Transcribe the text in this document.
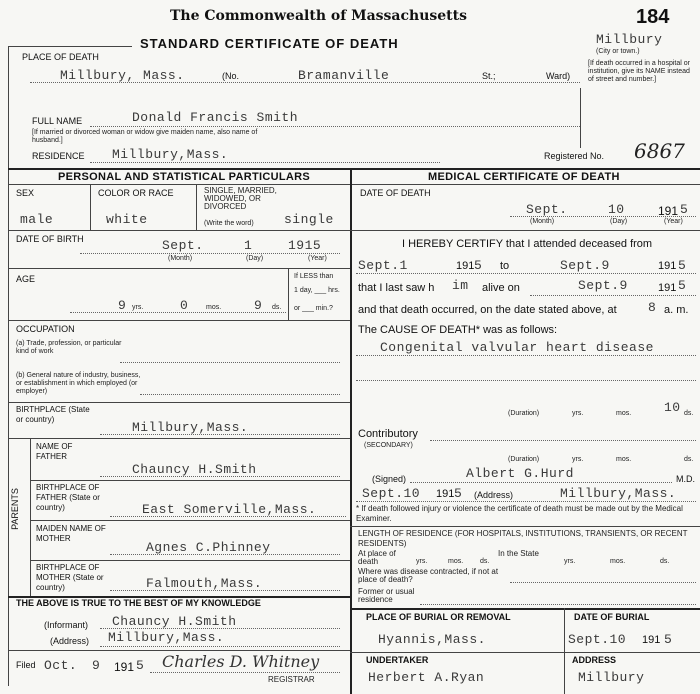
The Commonwealth of Massachusetts
STANDARD CERTIFICATE OF DEATH
184
Millbury
(City or town.)
PLACE OF DEATH
Millbury, Mass.	(No.	Bramanville	St.;	Ward)
[If death occurred in a hospital or institution, give its NAME instead of street and number.]
FULL NAME	Donald Francis Smith
[If married or divorced woman or widow give maiden name, also name of husband.]
RESIDENCE Millbury,Mass.	Registered No. 6867
PERSONAL AND STATISTICAL PARTICULARS
SEX
male
COLOR OR RACE
white
SINGLE, MARRIED, WIDOWED, OR DIVORCED
(Write the word) single
DATE OF BIRTH	Sept.	1	1915
(Month)	(Day)	(Year)
AGE
9 yrs.	0	mos.	9 ds.
If LESS than
1 day, ___ hrs.
or ___ min.?
OCCUPATION
(a) Trade, profession, or particular kind of work
(b) General nature of industry, business, or establishment in which employed (or employer)
BIRTHPLACE (State or country)
Millbury,Mass.
PARENTS
NAME OF FATHER
Chauncy H.Smith
BIRTHPLACE OF FATHER (State or country)	East Somerville,Mass.
MAIDEN NAME OF MOTHER
Agnes C.Phinney
BIRTHPLACE OF MOTHER (State or country)	Falmouth,Mass.
THE ABOVE IS TRUE TO THE BEST OF MY KNOWLEDGE
(Informant) Chauncy H.Smith
(Address) Millbury,Mass.
Filed Oct. 9 191 5 Charles D. Whitney
REGISTRAR
MEDICAL CERTIFICATE OF DEATH
DATE OF DEATH
Sept.	10	191 5
(Month)	(Day)	(Year)
I HEREBY CERTIFY that I attended deceased from
Sept.1	191 5 to	Sept.9	191 5
that I last saw h im alive on	Sept.9	191 5
and that death occurred, on the date stated above, at 8 a. m.
The CAUSE OF DEATH* was as follows:
Congenital valvular heart disease
(Duration)	yrs.	mos.	10 ds.
Contributory
(SECONDARY)
(Duration)	yrs.	mos.	ds.
(Signed)	Albert G.Hurd	M.D.
Sept.10 191 5 (Address)	Millbury,Mass.
* If death followed injury or violence the certificate of death must be made out by the Medical Examiner.
LENGTH OF RESIDENCE (FOR HOSPITALS, INSTITUTIONS, TRANSIENTS, OR RECENT RESIDENTS)
At place of death	yrs.	mos. ds.
In the State
yrs.	mos.	ds.
Where was disease contracted, if not at place of death?
Former or usual residence
PLACE OF BURIAL OR REMOVAL
Hyannis,Mass.
DATE OF BURIAL
Sept.10 191 5
UNDERTAKER
Herbert A.Ryan
ADDRESS
Millbury
